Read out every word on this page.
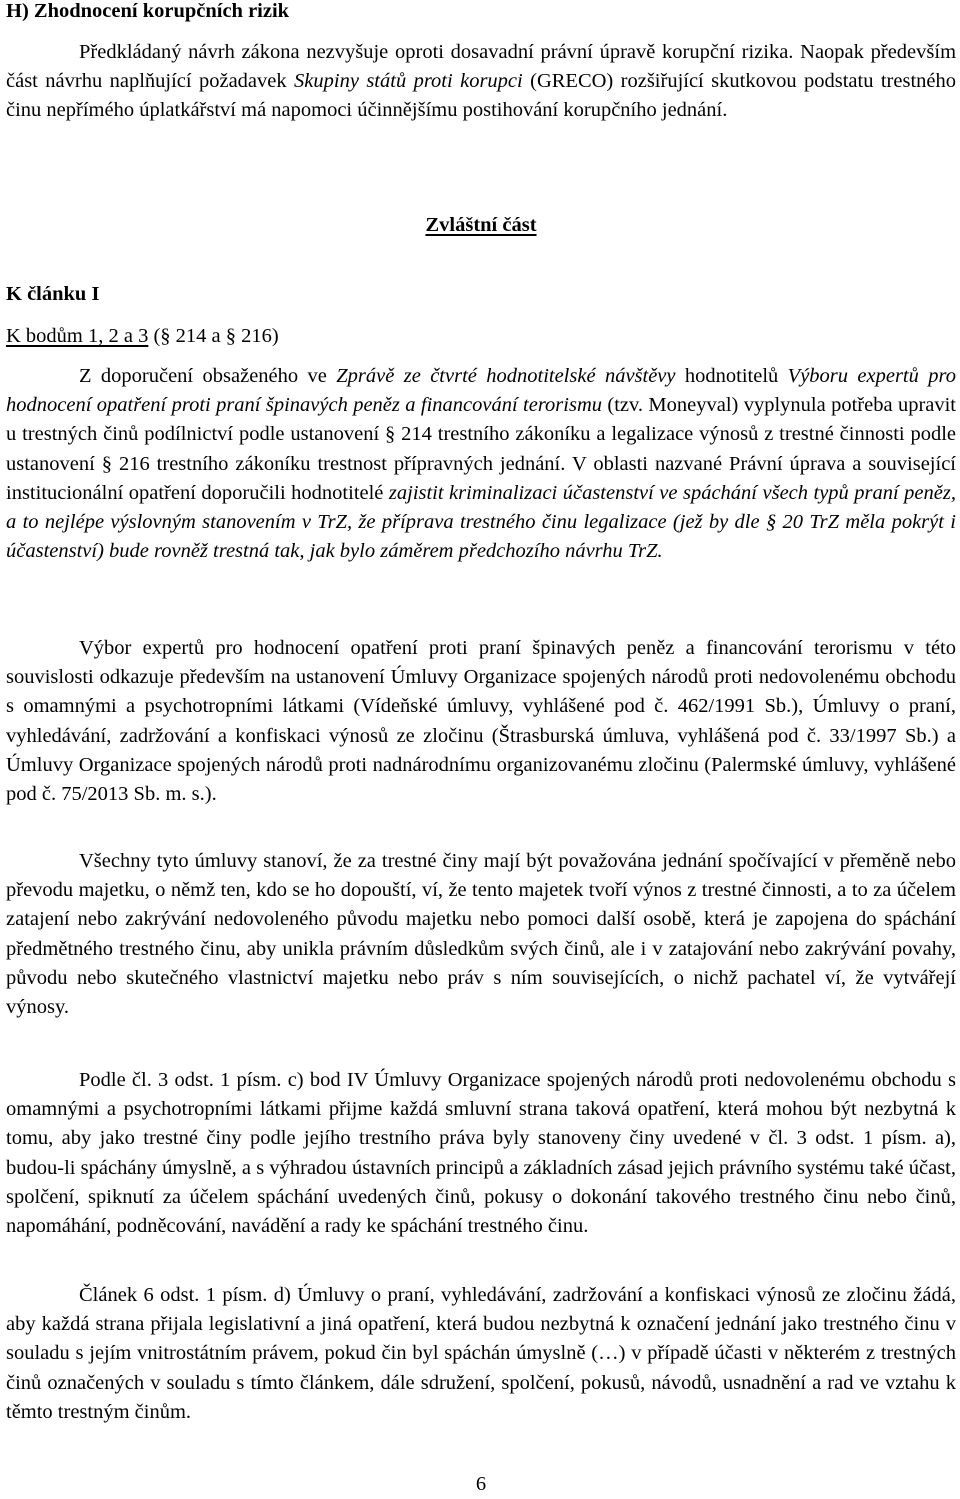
H) Zhodnocení korupčních rizik

Předkládaný návrh zákona nezvyšuje oproti dosavadní právní úpravě korupční rizika. Naopak především část návrhu naplňující požadavek Skupiny států proti korupci (GRECO) rozšiřující skutkovou podstatu trestného činu nepřímého úplatkářství má napomoci účinnějšímu postihování korupčního jednání.

Zvláštní část
K článku I
K bodům 1, 2 a 3 (§ 214 a § 216)

Z doporučení obsaženého ve Zprávě ze čtvrté hodnotitelské návštěvy hodnotitelů Výboru expertů pro hodnocení opatření proti praní špinavých peněz a financování terorismu (tzv. Moneyval) vyplynula potřeba upravit u trestných činů podílnictví podle ustanovení § 214 trestního zákoníku a legalizace výnosů z trestné činnosti podle ustanovení § 216 trestního zákoníku trestnost přípravných jednání. V oblasti nazvané Právní úprava a související institucionální opatření doporučili hodnotitelé zajistit kriminalizaci účastenství ve spáchání všech typů praní peněz, a to nejlépe výslovným stanovením v TrZ, že příprava trestného činu legalizace (jež by dle § 20 TrZ měla pokrýt i účastenství) bude rovněž trestná tak, jak bylo záměrem předchozího návrhu TrZ.

Výbor expertů pro hodnocení opatření proti praní špinavých peněz a financování terorismu v této souvislosti odkazuje především na ustanovení Úmluvy Organizace spojených národů proti nedovolenému obchodu s omamnými a psychotropními látkami (Vídeňské úmluvy, vyhlášené pod č. 462/1991 Sb.), Úmluvy o praní, vyhledávání, zadržování a konfiskaci výnosů ze zločinu (Štrasburská úmluva, vyhlášená pod č. 33/1997 Sb.) a Úmluvy Organizace spojených národů proti nadnárodnímu organizovanému zločinu (Palermské úmluvy, vyhlášené pod č. 75/2013 Sb. m. s.).

Všechny tyto úmluvy stanoví, že za trestné činy mají být považována jednání spočívající v přeměně nebo převodu majetku, o němž ten, kdo se ho dopouští, ví, že tento majetek tvoří výnos z trestné činnosti, a to za účelem zatajení nebo zakrývání nedovoleného původu majetku nebo pomoci další osobě, která je zapojena do spáchání předmětného trestného činu, aby unikla právním důsledkům svých činů, ale i v zatajování nebo zakrývání povahy, původu nebo skutečného vlastnictví majetku nebo práv s ním souvisejících, o nichž pachatel ví, že vytvářejí výnosy.

Podle čl. 3 odst. 1 písm. c) bod IV Úmluvy Organizace spojených národů proti nedovolenému obchodu s omamnými a psychotropními látkami přijme každá smluvní strana taková opatření, která mohou být nezbytná k tomu, aby jako trestné činy podle jejího trestního práva byly stanoveny činy uvedené v čl. 3 odst. 1 písm. a), budou-li spáchány úmyslně, a s výhradou ústavních principů a základních zásad jejich právního systému také účast, spolčení, spiknutí za účelem spáchání uvedených činů, pokusy o dokonání takového trestného činu nebo činů, napomáhání, podněcování, navádění a rady ke spáchání trestného činu.

Článek 6 odst. 1 písm. d) Úmluvy o praní, vyhledávání, zadržování a konfiskaci výnosů ze zločinu žádá, aby každá strana přijala legislativní a jiná opatření, která budou nezbytná k označení jednání jako trestného činu v souladu s jejím vnitrostátním právem, pokud čin byl spáchán úmyslně (…) v případě účasti v některém z trestných činů označených v souladu s tímto článkem, dále sdružení, spolčení, pokusů, návodů, usnadnění a rad ve vztahu k těmto trestným činům.

6
